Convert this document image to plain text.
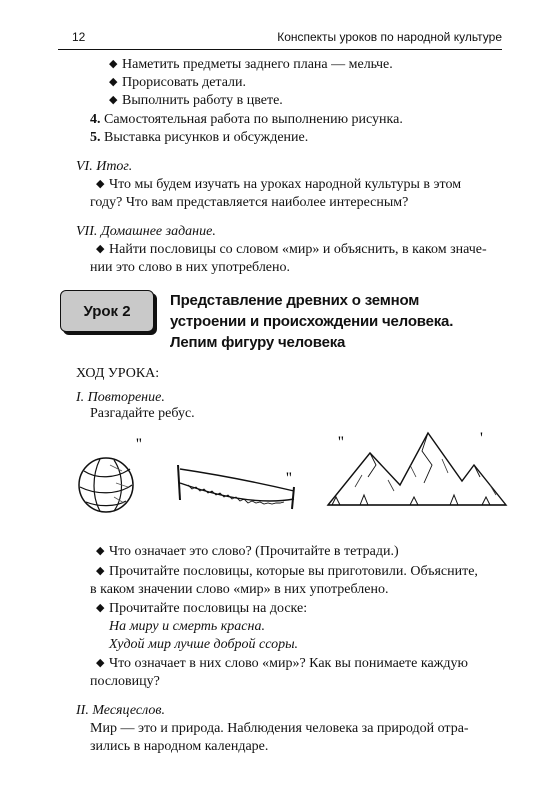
12	Конспекты уроков по народной культуре
◆ Наметить предметы заднего плана — мельче.
◆ Прорисовать детали.
◆ Выполнить работу в цвете.
4. Самостоятельная работа по выполнению рисунка.
5. Выставка рисунков и обсуждение.
VI. Итог.
◆ Что мы будем изучать на уроках народной культуры в этом
году? Что вам представляется наиболее интересным?
VII. Домашнее задание.
◆ Найти пословицы со словом «мир» и объяснить, в каком значе-
нии это слово в них употреблено.
Урок 2
Представление древних о земном
устроении и происхождении человека.
Лепим фигуру человека
ХОД УРОКА:
I. Повторение.
Разгадайте ребус.
''
''
''	'
◆ Что означает это слово? (Прочитайте в тетради.)
◆ Прочитайте пословицы, которые вы приготовили. Объясните,
в каком значении слово «мир» в них употреблено.
◆ Прочитайте пословицы на доске:
На миру и смерть красна.
Худой мир лучше доброй ссоры.
◆ Что означает в них слово «мир»? Как вы понимаете каждую
пословицу?
II. Месяцеслов.
Мир — это и природа. Наблюдения человека за природой отра-
зились в народном календаре.
